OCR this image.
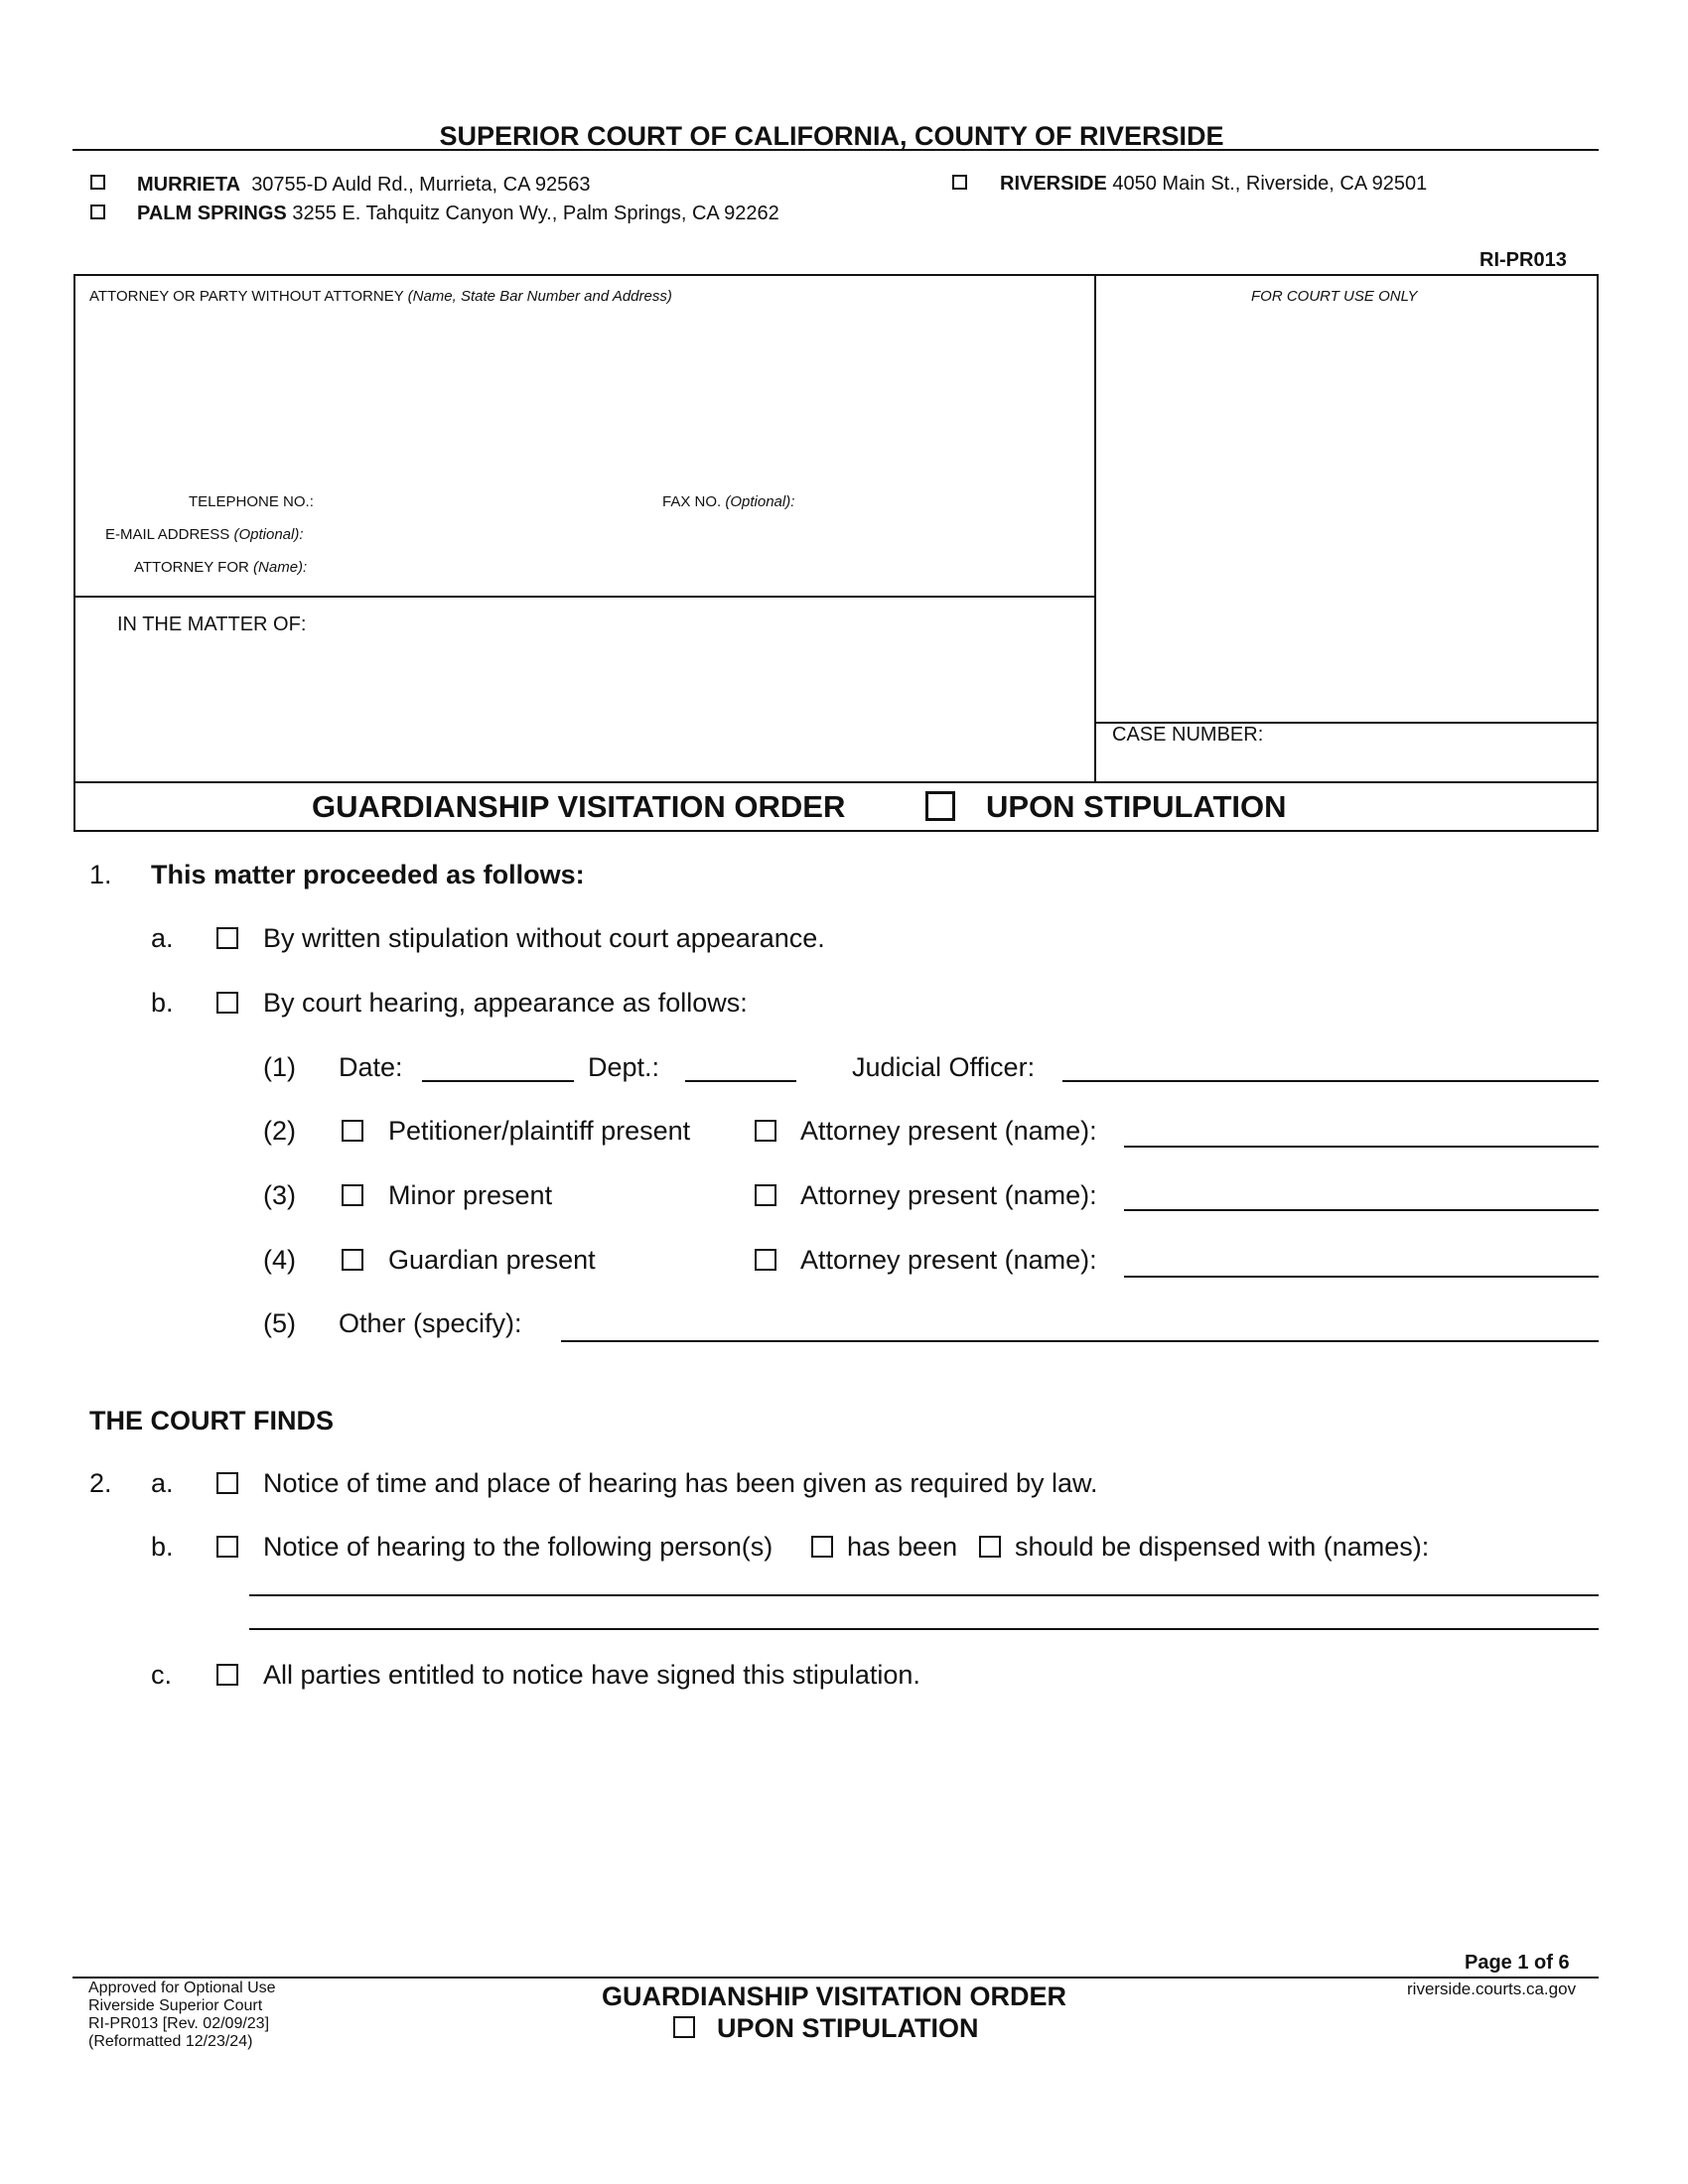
SUPERIOR COURT OF CALIFORNIA, COUNTY OF RIVERSIDE
MURRIETA 30755-D Auld Rd., Murrieta, CA 92563
PALM SPRINGS 3255 E. Tahquitz Canyon Wy., Palm Springs, CA 92262
RIVERSIDE 4050 Main St., Riverside, CA 92501
RI-PR013
ATTORNEY OR PARTY WITHOUT ATTORNEY (Name, State Bar Number and Address)	FOR COURT USE ONLY
TELEPHONE NO.:	FAX NO. (Optional):
E-MAIL ADDRESS (Optional):
ATTORNEY FOR (Name):
IN THE MATTER OF:
CASE NUMBER:
GUARDIANSHIP VISITATION ORDER	UPON STIPULATION
1. This matter proceeded as follows:
a.	By written stipulation without court appearance.
b.	By court hearing, appearance as follows:
(1) Date:	Dept.:	Judicial Officer:
(2)	Petitioner/plaintiff present	Attorney present (name):
(3)	Minor present	Attorney present (name):
(4)	Guardian present	Attorney present (name):
(5) Other (specify):
THE COURT FINDS
2. a.	Notice of time and place of hearing has been given as required by law.
b.	Notice of hearing to the following person(s)	has been should be dispensed with (names):
c.	All parties entitled to notice have signed this stipulation.
Page 1 of 6
Approved for Optional Use
Riverside Superior Court
RI-PR013 [Rev. 02/09/23]
(Reformatted 12/23/24)
GUARDIANSHIP VISITATION ORDER
UPON STIPULATION
riverside.courts.ca.gov
